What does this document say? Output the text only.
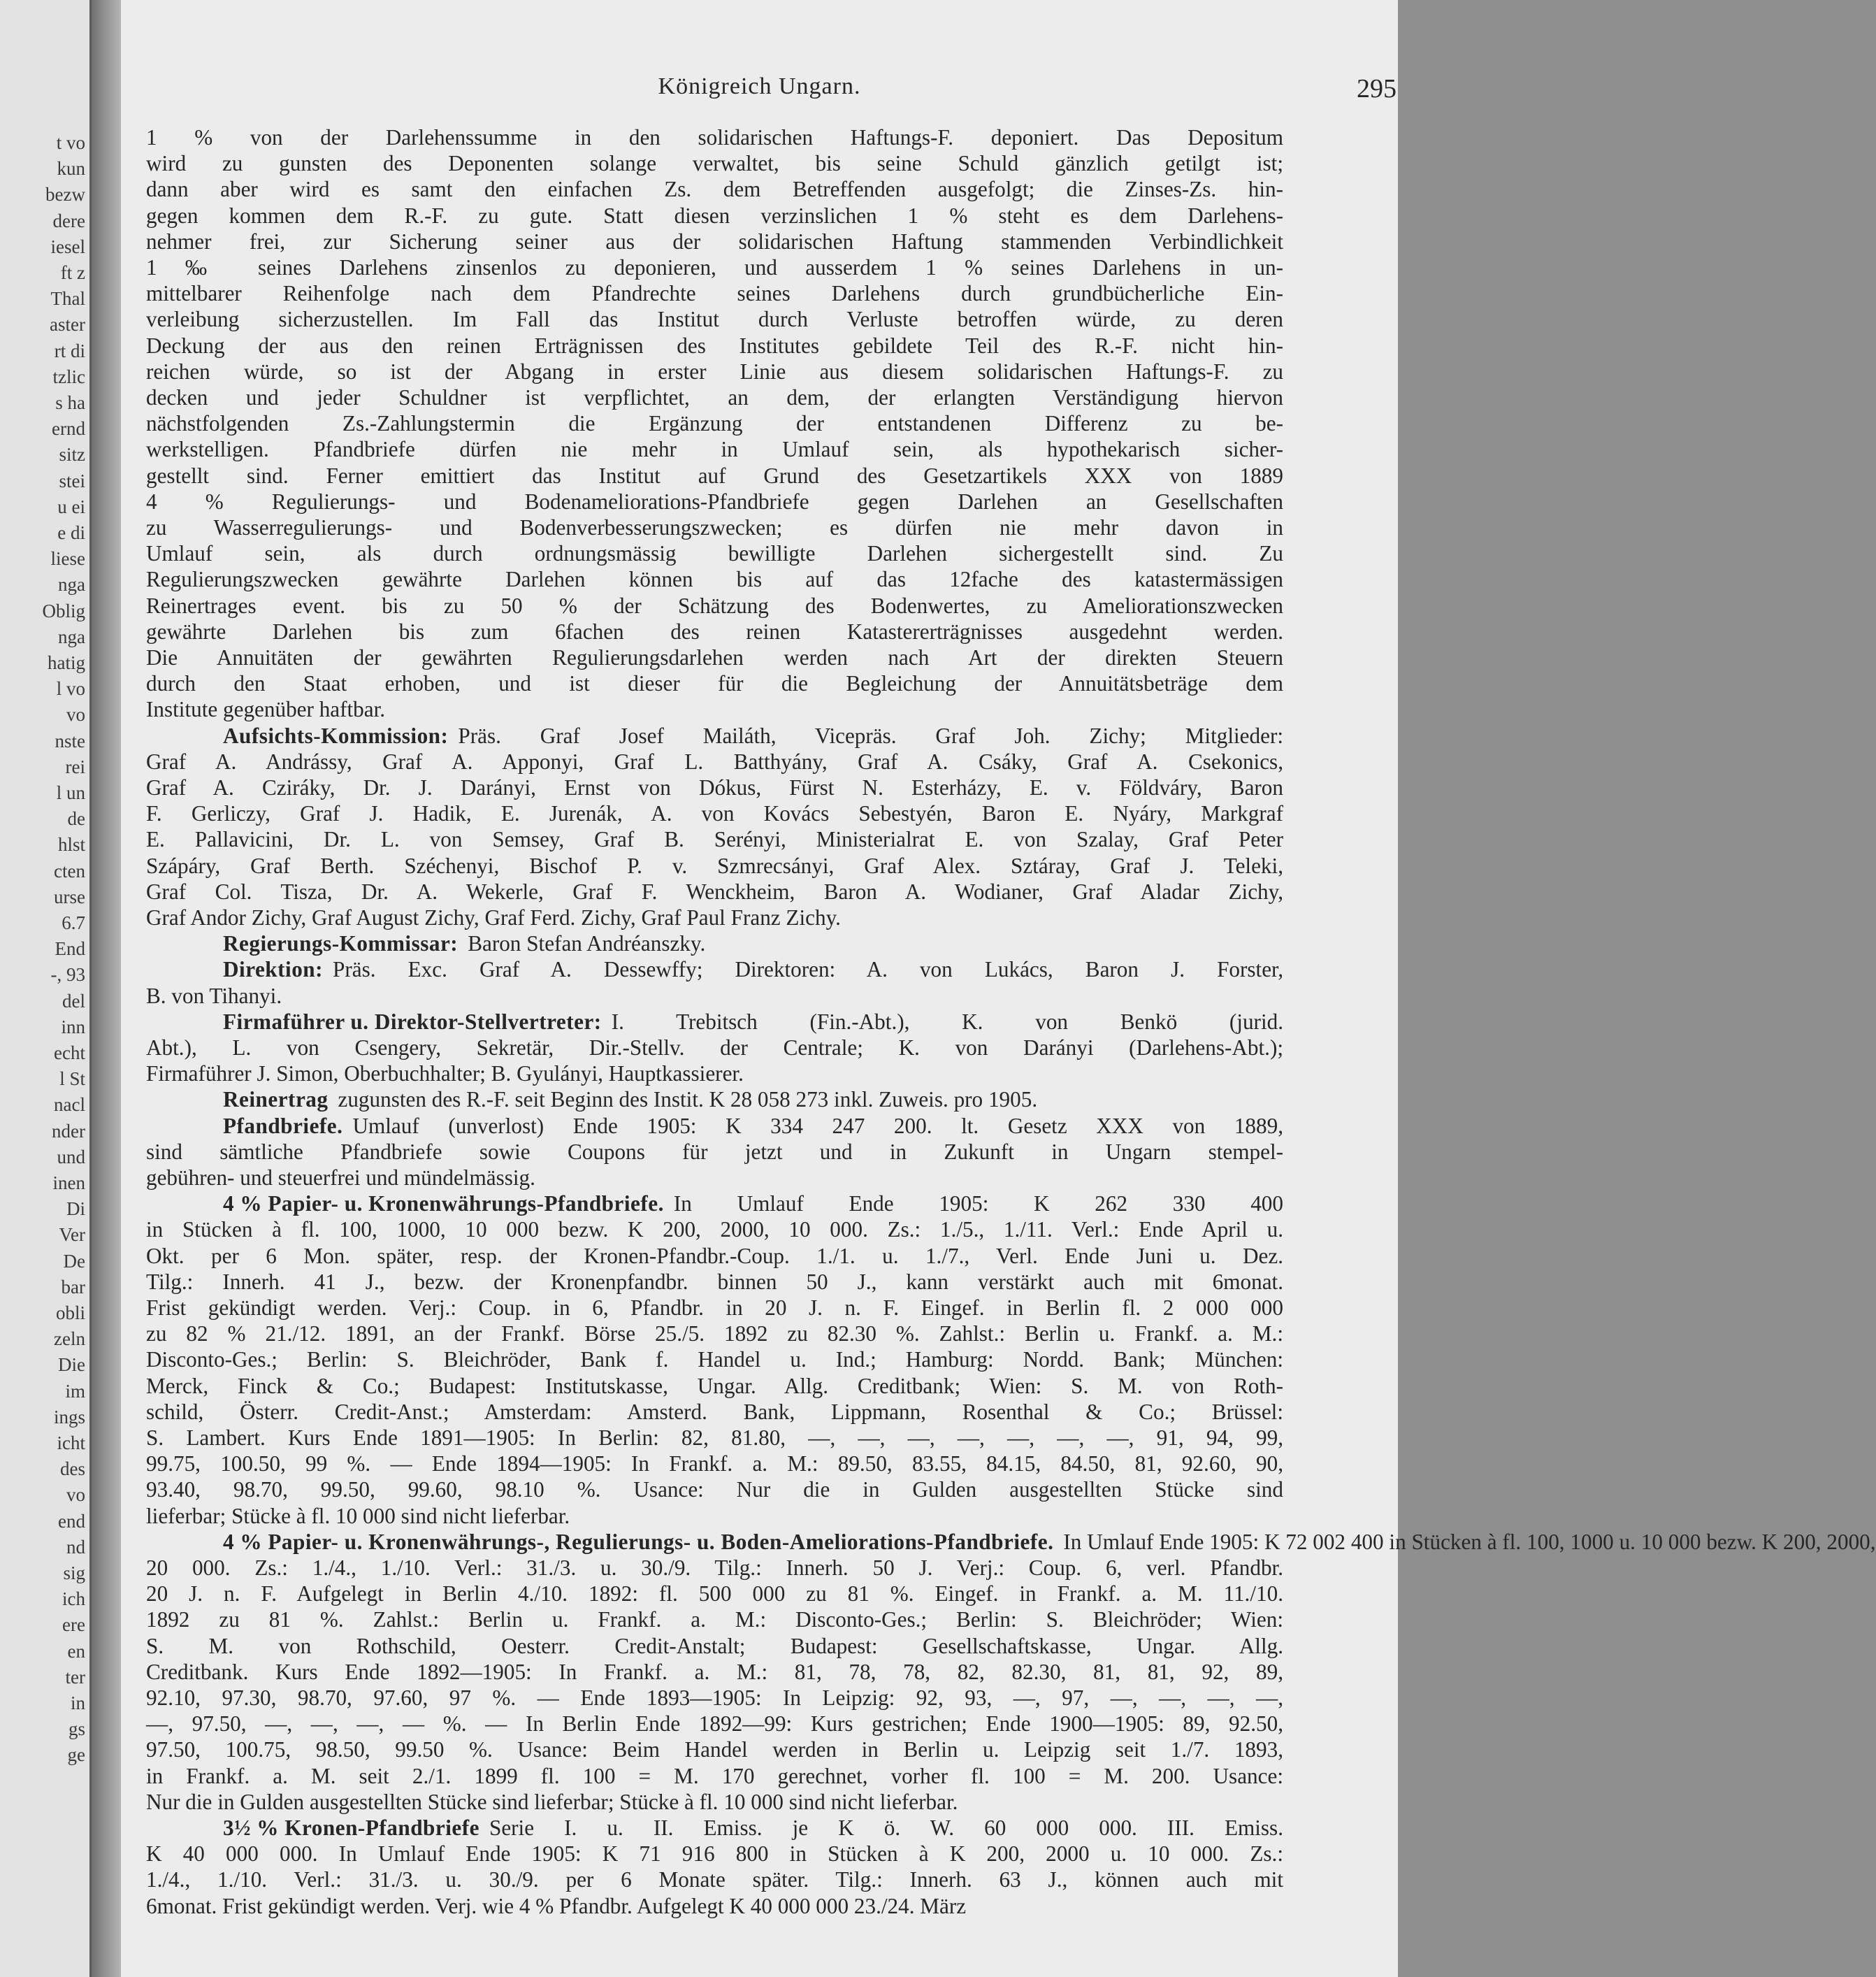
t vo
kun
bezw
dere
iesel
ft z
Thal
aster
rt di
tzlic
s ha
ernd
sitz
stei
u ei
e di
liese
nga
Oblig
nga
hatig
l vo
vo
nste
rei
l un
de
hlst
cten
urse
6.7
End
-, 93
del
inn
echt
l St
nacl
nder
und
inen
Di
Ver
De
bar
obli
zeln
Die
im
ings
icht
des
vo
end
nd
sig
ich
ere
en
ter
in
gs
ge
Königreich Ungarn.	295
1 % von der Darlehenssumme in den solidarischen Haftungs-F. deponiert. Das Depositum
wird zu gunsten des Deponenten solange verwaltet, bis seine Schuld gänzlich getilgt ist;
dann aber wird es samt den einfachen Zs. dem Betreffenden ausgefolgt; die Zinses-Zs. hin-
gegen kommen dem R.-F. zu gute. Statt diesen verzinslichen 1 % steht es dem Darlehens-
nehmer frei, zur Sicherung seiner aus der solidarischen Haftung stammenden Verbindlichkeit
1 ‰ seines Darlehens zinsenlos zu deponieren, und ausserdem 1 % seines Darlehens in un-
mittelbarer Reihenfolge nach dem Pfandrechte seines Darlehens durch grundbücherliche Ein-
verleibung sicherzustellen. Im Fall das Institut durch Verluste betroffen würde, zu deren
Deckung der aus den reinen Erträgnissen des Institutes gebildete Teil des R.-F. nicht hin-
reichen würde, so ist der Abgang in erster Linie aus diesem solidarischen Haftungs-F. zu
decken und jeder Schuldner ist verpflichtet, an dem, der erlangten Verständigung hiervon
nächstfolgenden Zs.-Zahlungstermin die Ergänzung der entstandenen Differenz zu be-
werkstelligen. Pfandbriefe dürfen nie mehr in Umlauf sein, als hypothekarisch sicher-
gestellt sind. Ferner emittiert das Institut auf Grund des Gesetzartikels XXX von 1889
4 % Regulierungs- und Bodenameliorations-Pfandbriefe gegen Darlehen an Gesellschaften
zu Wasserregulierungs- und Bodenverbesserungszwecken; es dürfen nie mehr davon in
Umlauf sein, als durch ordnungsmässig bewilligte Darlehen sichergestellt sind. Zu
Regulierungszwecken gewährte Darlehen können bis auf das 12fache des katastermässigen
Reinertrages event. bis zu 50 % der Schätzung des Bodenwertes, zu Ameliorationszwecken
gewährte Darlehen bis zum 6fachen des reinen Katastererträgnisses ausgedehnt werden.
Die Annuitäten der gewährten Regulierungsdarlehen werden nach Art der direkten Steuern
durch den Staat erhoben, und ist dieser für die Begleichung der Annuitätsbeträge dem
Institute gegenüber haftbar.
Aufsichts-Kommission: Präs. Graf Josef Mailáth, Vicepräs. Graf Joh. Zichy; Mitglieder:
Graf A. Andrássy, Graf A. Apponyi, Graf L. Batthyány, Graf A. Csáky, Graf A. Csekonics,
Graf A. Cziráky, Dr. J. Darányi, Ernst von Dókus, Fürst N. Esterházy, E. v. Földváry, Baron
F. Gerliczy, Graf J. Hadik, E. Jurenák, A. von Kovács Sebestyén, Baron E. Nyáry, Markgraf
E. Pallavicini, Dr. L. von Semsey, Graf B. Serényi, Ministerialrat E. von Szalay, Graf Peter
Szápáry, Graf Berth. Széchenyi, Bischof P. v. Szmrecsányi, Graf Alex. Sztáray, Graf J. Teleki,
Graf Col. Tisza, Dr. A. Wekerle, Graf F. Wenckheim, Baron A. Wodianer, Graf Aladar Zichy,
Graf Andor Zichy, Graf August Zichy, Graf Ferd. Zichy, Graf Paul Franz Zichy.
Regierungs-Kommissar: Baron Stefan Andréanszky.
Direktion: Präs. Exc. Graf A. Dessewffy; Direktoren: A. von Lukács, Baron J. Forster,
B. von Tihanyi.
Firmaführer u. Direktor-Stellvertreter: I. Trebitsch (Fin.-Abt.), K. von Benkö (jurid.
Abt.), L. von Csengery, Sekretär, Dir.-Stellv. der Centrale; K. von Darányi (Darlehens-Abt.);
Firmaführer J. Simon, Oberbuchhalter; B. Gyulányi, Hauptkassierer.
Reinertrag zugunsten des R.-F. seit Beginn des Instit. K 28 058 273 inkl. Zuweis. pro 1905.
Pfandbriefe. Umlauf (unverlost) Ende 1905: K 334 247 200. lt. Gesetz XXX von 1889,
sind sämtliche Pfandbriefe sowie Coupons für jetzt und in Zukunft in Ungarn stempel-
gebühren- und steuerfrei und mündelmässig.
4 % Papier- u. Kronenwährungs-Pfandbriefe. In Umlauf Ende 1905: K 262 330 400
in Stücken à fl. 100, 1000, 10 000 bezw. K 200, 2000, 10 000. Zs.: 1./5., 1./11. Verl.: Ende April u.
Okt. per 6 Mon. später, resp. der Kronen-Pfandbr.-Coup. 1./1. u. 1./7., Verl. Ende Juni u. Dez.
Tilg.: Innerh. 41 J., bezw. der Kronenpfandbr. binnen 50 J., kann verstärkt auch mit 6monat.
Frist gekündigt werden. Verj.: Coup. in 6, Pfandbr. in 20 J. n. F. Eingef. in Berlin fl. 2 000 000
zu 82 % 21./12. 1891, an der Frankf. Börse 25./5. 1892 zu 82.30 %. Zahlst.: Berlin u. Frankf. a. M.:
Disconto-Ges.; Berlin: S. Bleichröder, Bank f. Handel u. Ind.; Hamburg: Nordd. Bank; München:
Merck, Finck & Co.; Budapest: Institutskasse, Ungar. Allg. Creditbank; Wien: S. M. von Roth-
schild, Österr. Credit-Anst.; Amsterdam: Amsterd. Bank, Lippmann, Rosenthal & Co.; Brüssel:
S. Lambert. Kurs Ende 1891—1905: In Berlin: 82, 81.80, —, —, —, —, —, —, —, 91, 94, 99,
99.75, 100.50, 99 %. — Ende 1894—1905: In Frankf. a. M.: 89.50, 83.55, 84.15, 84.50, 81, 92.60, 90,
93.40, 98.70, 99.50, 99.60, 98.10 %. Usance: Nur die in Gulden ausgestellten Stücke sind
lieferbar; Stücke à fl. 10 000 sind nicht lieferbar.
4 % Papier- u. Kronenwährungs-, Regulierungs- u. Boden-Ameliorations-Pfandbriefe. In Umlauf Ende 1905: K 72 002 400 in Stücken à fl. 100, 1000 u. 10 000 bezw. K 200, 2000,
20 000. Zs.: 1./4., 1./10. Verl.: 31./3. u. 30./9. Tilg.: Innerh. 50 J. Verj.: Coup. 6, verl. Pfandbr.
20 J. n. F. Aufgelegt in Berlin 4./10. 1892: fl. 500 000 zu 81 %. Eingef. in Frankf. a. M. 11./10.
1892 zu 81 %. Zahlst.: Berlin u. Frankf. a. M.: Disconto-Ges.; Berlin: S. Bleichröder; Wien:
S. M. von Rothschild, Oesterr. Credit-Anstalt; Budapest: Gesellschaftskasse, Ungar. Allg.
Creditbank. Kurs Ende 1892—1905: In Frankf. a. M.: 81, 78, 78, 82, 82.30, 81, 81, 92, 89,
92.10, 97.30, 98.70, 97.60, 97 %. — Ende 1893—1905: In Leipzig: 92, 93, —, 97, —, —, —, —,
—, 97.50, —, —, —, — %. — In Berlin Ende 1892—99: Kurs gestrichen; Ende 1900—1905: 89, 92.50,
97.50, 100.75, 98.50, 99.50 %. Usance: Beim Handel werden in Berlin u. Leipzig seit 1./7. 1893,
in Frankf. a. M. seit 2./1. 1899 fl. 100 = M. 170 gerechnet, vorher fl. 100 = M. 200. Usance:
Nur die in Gulden ausgestellten Stücke sind lieferbar; Stücke à fl. 10 000 sind nicht lieferbar.
3½ % Kronen-Pfandbriefe Serie I. u. II. Emiss. je K ö. W. 60 000 000. III. Emiss.
K 40 000 000. In Umlauf Ende 1905: K 71 916 800 in Stücken à K 200, 2000 u. 10 000. Zs.:
1./4., 1./10. Verl.: 31./3. u. 30./9. per 6 Monate später. Tilg.: Innerh. 63 J., können auch mit
6monat. Frist gekündigt werden. Verj. wie 4 % Pfandbr. Aufgelegt K 40 000 000 23./24. März
